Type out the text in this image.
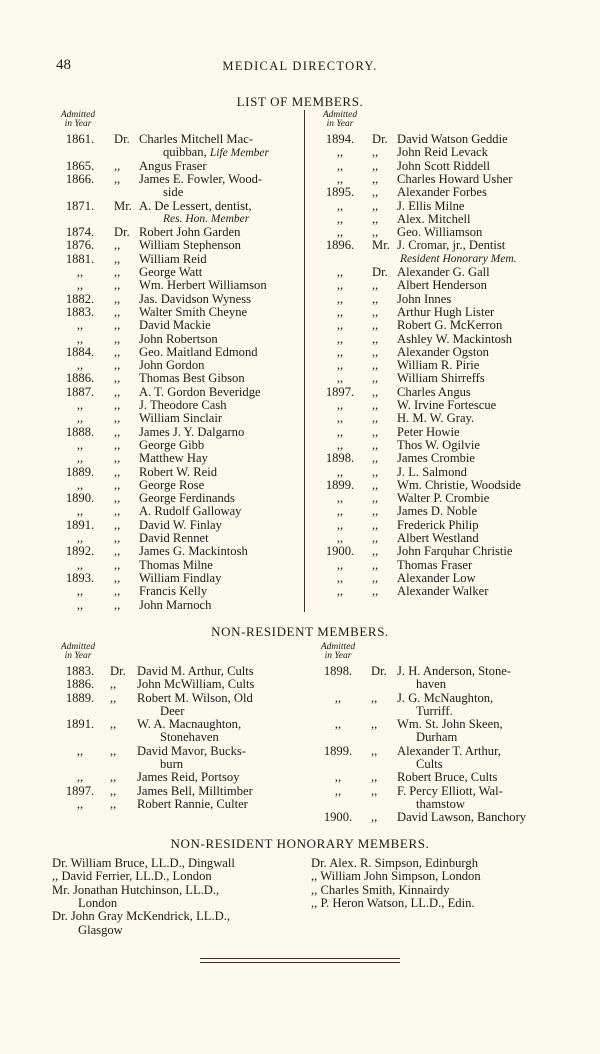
48	MEDICAL DIRECTORY.
LIST OF MEMBERS.
Admitted
in Year
Admitted
in Year
1861.	Dr. Charles Mitchell Mac-
quibban, Life Member
1865.	,, Angus Fraser
1866.	,, James E. Fowler, Wood-
side
1871.	Mr. A. De Lessert, dentist,
Res. Hon. Member
1874.	Dr. Robert John Garden
1876.	,, William Stephenson
1881.	,, William Reid
,,	,, George Watt
,,	,, Wm. Herbert Williamson
1882.	,, Jas. Davidson Wyness
1883.	,, Walter Smith Cheyne
,,	,, David Mackie
,,	,, John Robertson
1884.	,, Geo. Maitland Edmond
,,	,, John Gordon
1886.	,, Thomas Best Gibson
1887.	,, A. T. Gordon Beveridge
,,	,, J. Theodore Cash
,,	,, William Sinclair
1888.	,, James J. Y. Dalgarno
,,	,, George Gibb
,,	,, Matthew Hay
1889.	,, Robert W. Reid
,,	,, George Rose
1890.	,, George Ferdinands
,,	,, A. Rudolf Galloway
1891.	,, David W. Finlay
,,	,, David Rennet
1892.	,, James G. Mackintosh
,,	,, Thomas Milne
1893.	,, William Findlay
,,	,, Francis Kelly
,,	,, John Marnoch
1894.	Dr. David Watson Geddie
,,	,, John Reid Levack
,,	,, John Scott Riddell
,,	,, Charles Howard Usher
1895.	,, Alexander Forbes
,,	,, J. Ellis Milne
,,	,, Alex. Mitchell
,,	,, Geo. Williamson
1896.	Mr. J. Cromar, jr., Dentist
Resident Honorary Mem.
,,	Dr. Alexander G. Gall
,,	,, Albert Henderson
,,	,, John Innes
,,	,, Arthur Hugh Lister
,,	,, Robert G. McKerron
,,	,, Ashley W. Mackintosh
,,	,, Alexander Ogston
,,	,, William R. Pirie
,,	,, William Shirreffs
1897.	,, Charles Angus
,,	,, W. Irvine Fortescue
,,	,, H. M. W. Gray.
,,	,, Peter Howie
,,	,, Thos W. Ogilvie
1898.	,, James Crombie
,,	,, J. L. Salmond
1899.	,, Wm. Christie, Woodside
,,	,, Walter P. Crombie
,,	,, James D. Noble
,,	,, Frederick Philip
,,	,, Albert Westland
1900.	,, John Farquhar Christie
,,	,, Thomas Fraser
,,	,, Alexander Low
,,	,, Alexander Walker
NON-RESIDENT MEMBERS.
Admitted
in Year
Admitted
in Year
1883.	Dr. David M. Arthur, Cults
1886.	,, John McWilliam, Cults
1889.	,, Robert M. Wilson, Old
Deer
1891.	,, W. A. Macnaughton,
Stonehaven
,,	,, David Mavor, Bucks-
burn
,,	,, James Reid, Portsoy
1897.	,, James Bell, Milltimber
,,	,, Robert Rannie, Culter
1898.	Dr. J. H. Anderson, Stone-
haven
,,	,, J. G. McNaughton,
Turriff.
,,	,, Wm. St. John Skeen,
Durham
1899.	,, Alexander T. Arthur,
Cults
,,	,, Robert Bruce, Cults
,,	,, F. Percy Elliott, Wal-
thamstow
1900.	,, David Lawson, Banchory
NON-RESIDENT HONORARY MEMBERS.
Dr. William Bruce, LL.D., Dingwall
,, David Ferrier, LL.D., London
Mr. Jonathan Hutchinson, LL.D.,
London
Dr. John Gray McKendrick, LL.D.,
Glasgow
Dr. Alex. R. Simpson, Edinburgh
,, William John Simpson, London
,, Charles Smith, Kinnairdy
,, P. Heron Watson, LL.D., Edin.
